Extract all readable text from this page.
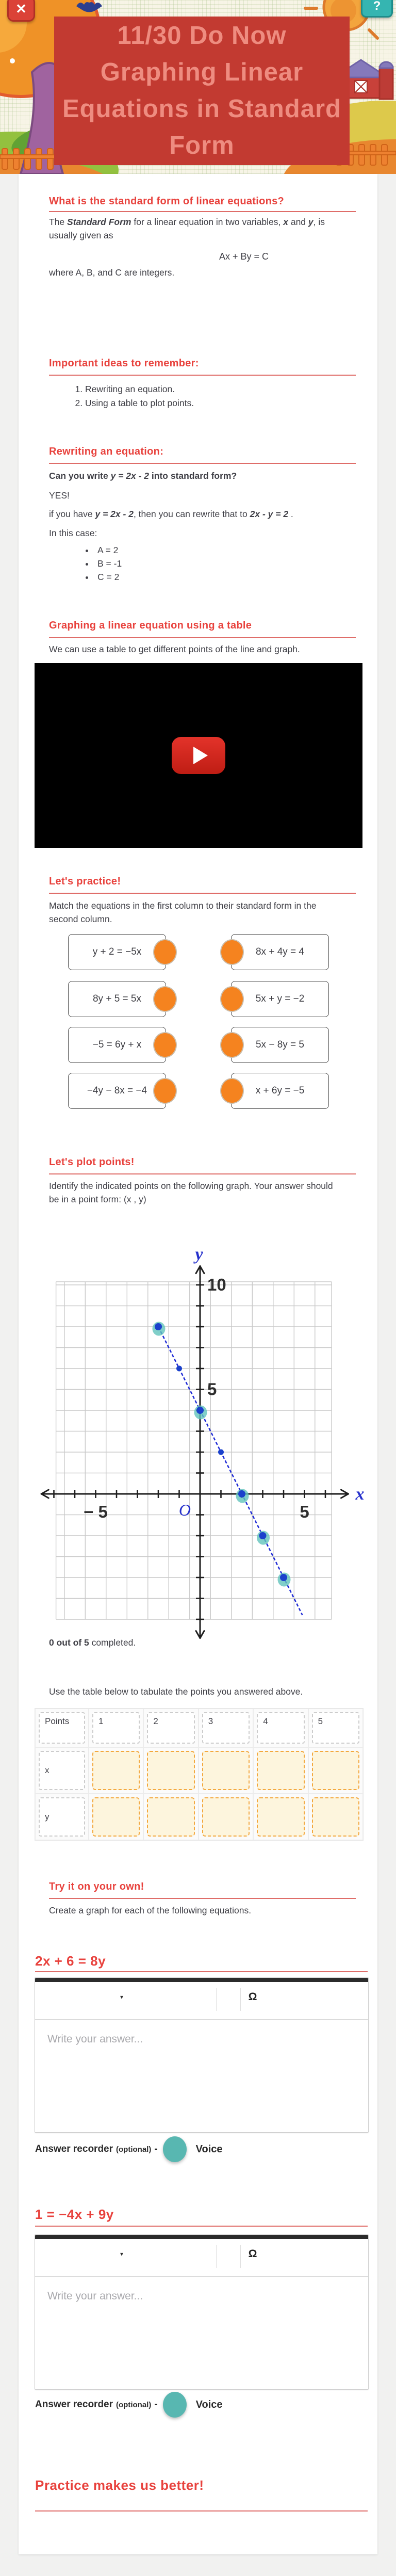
11/30 Do Now
Graphing Linear
Equations in Standard
Form
✕	?
What is the standard form of linear equations?

The Standard Form for a linear equation in two variables, x and y, is usually given as

Ax + By = C

where A, B, and C are integers.

Important ideas to remember:
1. Rewriting an equation.
2. Using a table to plot points.
Rewriting an equation:

Can you write y = 2x - 2 into standard form?

YES!

if you have y = 2x - 2, then you can rewrite that to 2x - y = 2 .

In this case:

• A = 2
• B = -1
• C = 2
Graphing a linear equation using a table

We can use a table to get different points of the line and graph.

Let's practice!

Match the equations in the first column to their standard form in the second column.

y + 2 = −5x	8x + 4y = 4
8y + 5 = 5x	5x + y = −2
−5 = 6y + x	5x − 8y = 5
−4y − 8x = −4	x + 6y = −5
Let's plot points!

Identify the indicated points on the following graph. Your answer should be in a point form: (x , y)

− 5	5
5
10
O
x
y

0 out of 5 completed.

Use the table below to tabulate the points you answered above.

Points	1	2	3	4	5
x
y
Try it on your own!

Create a graph for each of the following equations.

2x + 6 = 8y
▾	Ω
Write your answer...
Answer recorder (optional) -	Voice
1 = −4x + 9y
▾	Ω
Write your answer...
Answer recorder (optional) -	Voice
Practice makes us better!
